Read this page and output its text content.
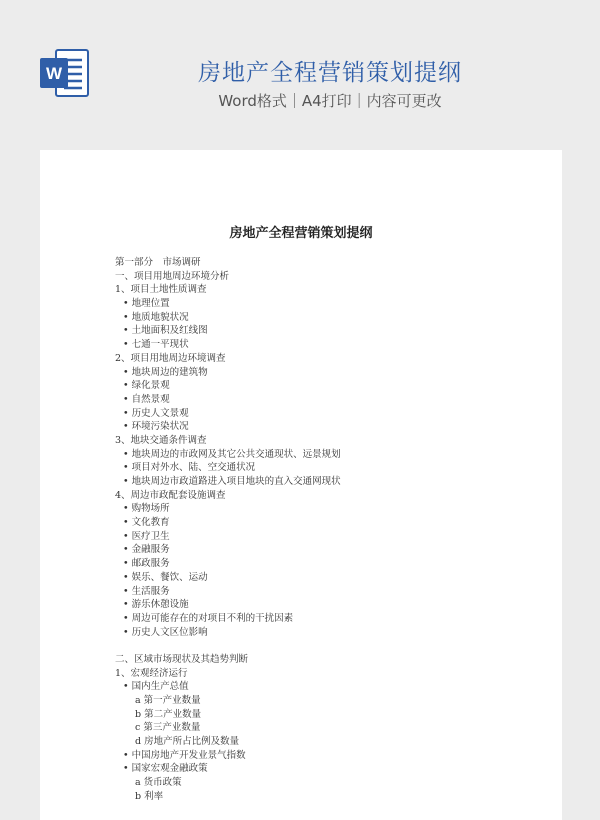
W	房地产全程营销策划提纲
Word格式｜A4打印｜内容可更改
房地产全程营销策划提纲
第一部分　市场调研
一、项目用地周边环境分析
1、项目土地性质调查
• 地理位置
• 地质地貌状况
• 土地面积及红线图
• 七通一平现状
2、项目用地周边环境调查
• 地块周边的建筑物
• 绿化景观
• 自然景观
• 历史人文景观
• 环境污染状况
3、地块交通条件调查
• 地块周边的市政网及其它公共交通现状、远景规划
• 项目对外水、陆、空交通状况
• 地块周边市政道路进入项目地块的直入交通网现状
4、周边市政配套设施调查
• 购物场所
• 文化教育
• 医疗卫生
• 金融服务
• 邮政服务
• 娱乐、餐饮、运动
• 生活服务
• 游乐休憩设施
• 周边可能存在的对项目不利的干扰因素
• 历史人文区位影响
二、区域市场现状及其趋势判断
1、宏观经济运行
• 国内生产总值
a 第一产业数量
b 第二产业数量
c 第三产业数量
d 房地产所占比例及数量
• 中国房地产开发业景气指数
• 国家宏观金融政策
a 货币政策
b 利率
